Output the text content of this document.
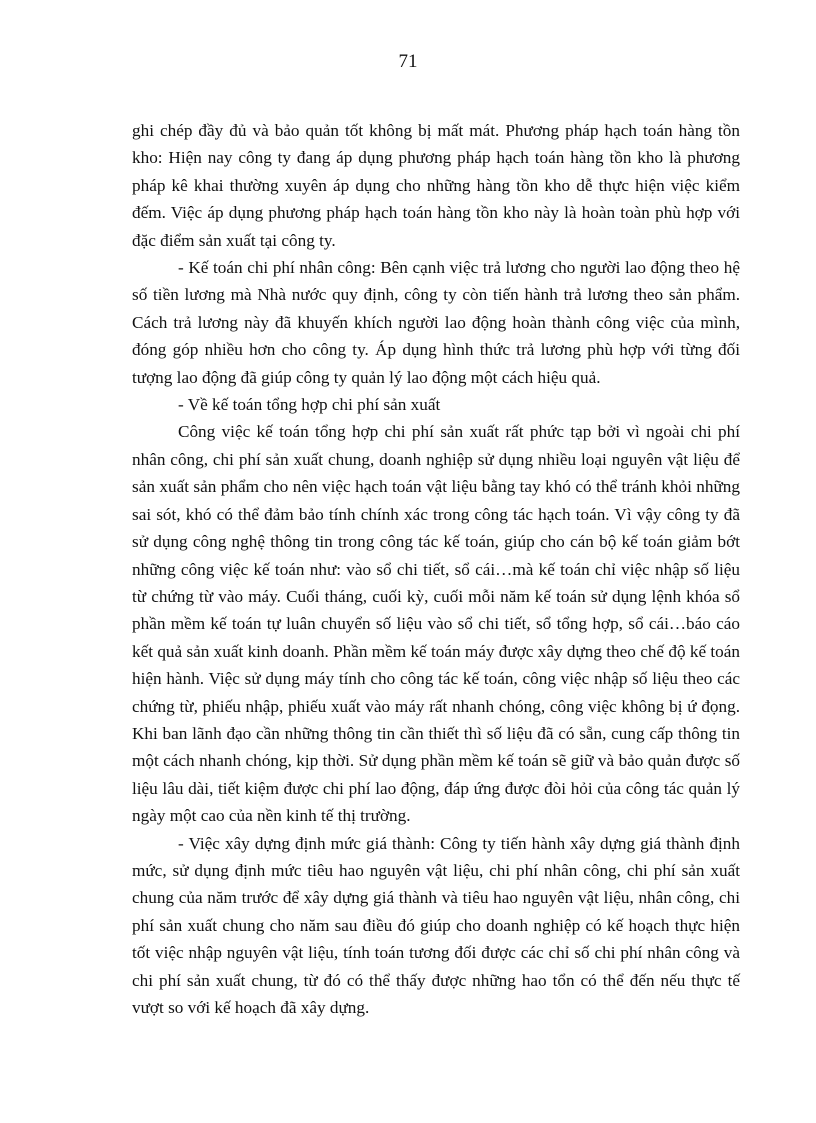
71

ghi chép đầy đủ và bảo quản tốt không bị mất mát. Phương pháp hạch toán hàng tồn kho: Hiện nay công ty đang áp dụng phương pháp hạch toán hàng tồn kho là phương pháp kê khai thường xuyên áp dụng cho những hàng tồn kho dễ thực hiện việc kiểm đếm. Việc áp dụng phương pháp hạch toán hàng tồn kho này là hoàn toàn phù hợp với đặc điểm sản xuất tại công ty.

- Kế toán chi phí nhân công: Bên cạnh việc trả lương cho người lao động theo hệ số tiền lương mà Nhà nước quy định, công ty còn tiến hành trả lương theo sản phẩm. Cách trả lương này đã khuyến khích người lao động hoàn thành công việc của mình, đóng góp nhiều hơn cho công ty. Áp dụng hình thức trả lương phù hợp với từng đối tượng lao động đã giúp công ty quản lý lao động một cách hiệu quả.

- Về kế toán tổng hợp chi phí sản xuất

Công việc kế toán tổng hợp chi phí sản xuất rất phức tạp bởi vì ngoài chi phí nhân công, chi phí sản xuất chung, doanh nghiệp sử dụng nhiều loại nguyên vật liệu để sản xuất sản phẩm cho nên việc hạch toán vật liệu bằng tay khó có thể tránh khỏi những sai sót, khó có thể đảm bảo tính chính xác trong công tác hạch toán. Vì vậy công ty đã sử dụng công nghệ thông tin trong công tác kế toán, giúp cho cán bộ kế toán giảm bớt những công việc kế toán như: vào sổ chi tiết, sổ cái…mà kế toán chỉ việc nhập số liệu từ chứng từ vào máy. Cuối tháng, cuối kỳ, cuối mỗi năm kế toán sử dụng lệnh khóa sổ phần mềm kế toán tự luân chuyển số liệu vào sổ chi tiết, sổ tổng hợp, sổ cái…báo cáo kết quả sản xuất kinh doanh. Phần mềm kế toán máy được xây dựng theo chế độ kế toán hiện hành. Việc sử dụng máy tính cho công tác kế toán, công việc nhập số liệu theo các chứng từ, phiếu nhập, phiếu xuất vào máy rất nhanh chóng, công việc không bị ứ đọng. Khi ban lãnh đạo cần những thông tin cần thiết thì số liệu đã có sẵn, cung cấp thông tin một cách nhanh chóng, kịp thời. Sử dụng phần mềm kế toán sẽ giữ và bảo quản được số liệu lâu dài, tiết kiệm được chi phí lao động, đáp ứng được đòi hỏi của công tác quản lý ngày một cao của nền kinh tế thị trường.

- Việc xây dựng định mức giá thành: Công ty tiến hành xây dựng giá thành định mức, sử dụng định mức tiêu hao nguyên vật liệu, chi phí nhân công, chi phí sản xuất chung của năm trước để xây dựng giá thành và tiêu hao nguyên vật liệu, nhân công, chi phí sản xuất chung cho năm sau điều đó giúp cho doanh nghiệp có kế hoạch thực hiện tốt việc nhập nguyên vật liệu, tính toán tương đối được các chỉ số chi phí nhân công và chi phí sản xuất chung, từ đó có thể thấy được những hao tổn có thể đến nếu thực tế vượt so với kế hoạch đã xây dựng.
